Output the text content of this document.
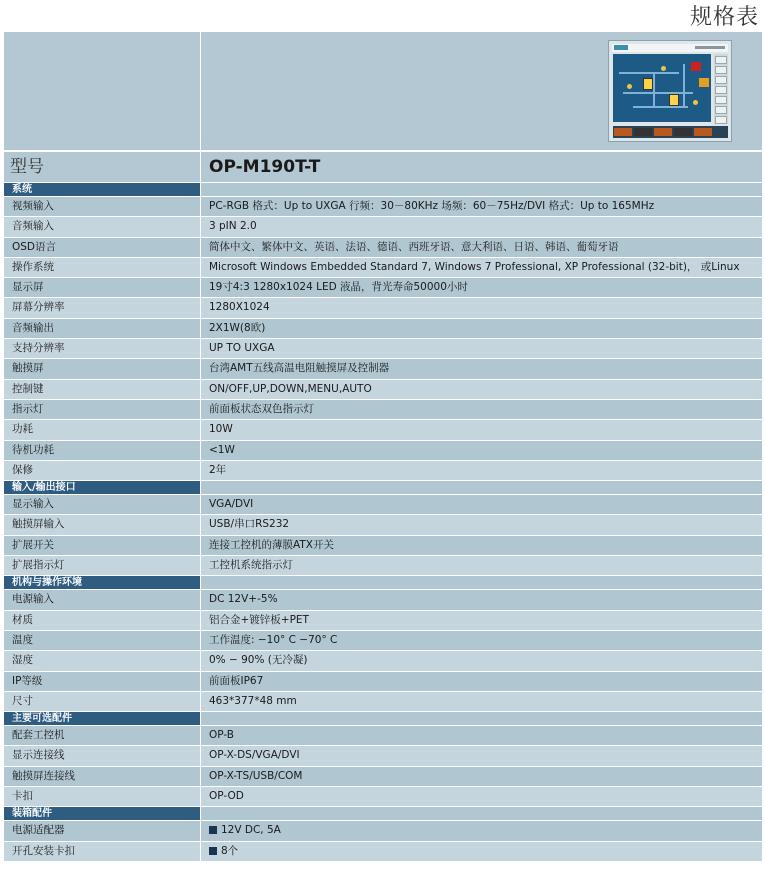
规格表
型号	OP-M190T-T
系统
视频输入	PC-RGB 格式：Up to UXGA 行频：30－80KHz 场频：60－75Hz/DVI 格式：Up to 165MHz
音频输入	3 pIN 2.0
OSD语言	简体中文、繁体中文、英语、法语、德语、西班牙语、意大利语、日语、韩语、葡萄牙语
操作系统	Microsoft Windows Embedded Standard 7, Windows 7 Professional, XP Professional (32-bit)， 或Linux
显示屏	19寸4:3 1280x1024 LED 液晶，背光寿命50000小时
屏幕分辨率	1280X1024
音频输出	2X1W(8欧)
支持分辨率	UP TO UXGA
触摸屏	台湾AMT五线高温电阻触摸屏及控制器
控制键	ON/OFF,UP,DOWN,MENU,AUTO
指示灯	前面板状态双色指示灯
功耗	10W
待机功耗	<1W
保修	2年
输入/输出接口
显示输入	VGA/DVI
触摸屏输入	USB/串口RS232
扩展开关	连接工控机的薄膜ATX开关
扩展指示灯	工控机系统指示灯
机构与操作环境
电源输入	DC 12V+-5%
材质	铝合金+镀锌板+PET
温度	工作温度: −10° C −70° C
湿度	0% − 90% (无冷凝)
IP等级	前面板IP67
尺寸	463*377*48 mm
主要可选配件
配套工控机	OP-B
显示连接线	OP-X-DS/VGA/DVI
触摸屏连接线	OP-X-TS/USB/COM
卡扣	OP-OD
装箱配件
电源适配器	12V DC, 5A
开孔安装卡扣	8个
